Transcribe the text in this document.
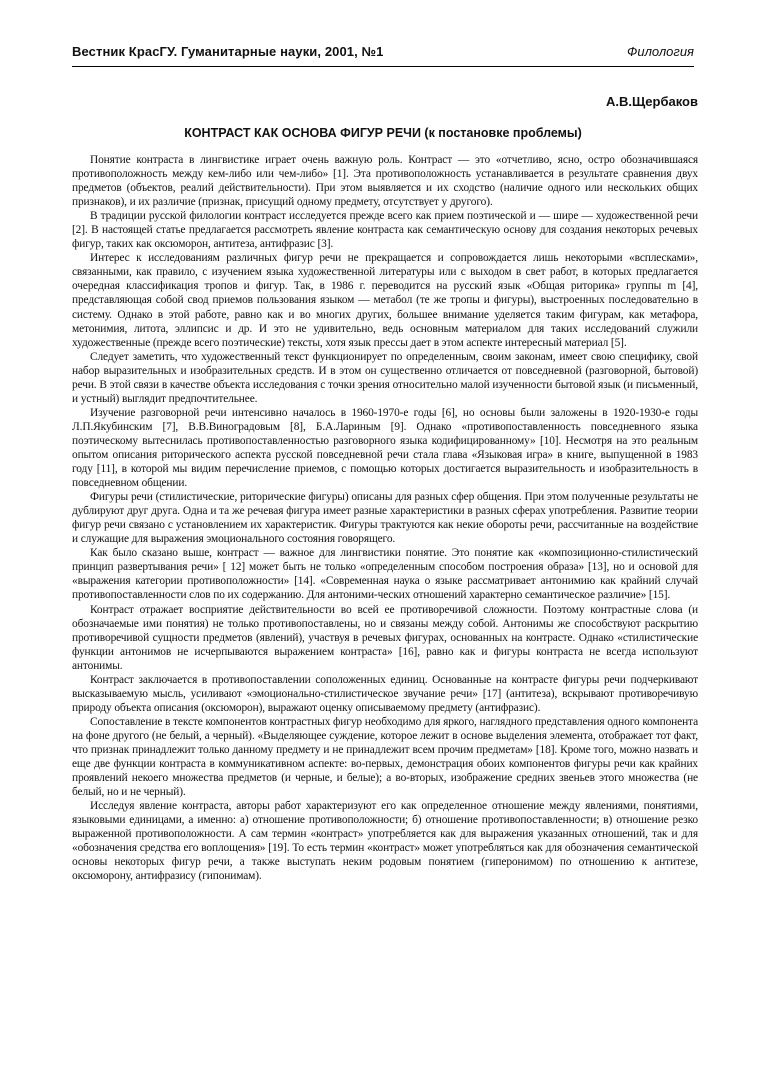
Вестник КрасГУ. Гуманитарные науки, 2001, №1	Филология
А.В.Щербаков
КОНТРАСТ КАК ОСНОВА ФИГУР РЕЧИ (к постановке проблемы)

Понятие контраста в лингвистике играет очень важную роль. Контраст — это «отчетливо, ясно, остро обозначившаяся противоположность между кем-либо или чем-либо» [1]. Эта противоположность устанавливается в результате сравнения двух предметов (объектов, реалий действительности). При этом выявляется и их сходство (наличие одного или нескольких общих признаков), и их различие (признак, присущий одному предмету, отсутствует у другого).

В традиции русской филологии контраст исследуется прежде всего как прием поэтической и — шире — художественной речи [2]. В настоящей статье предлагается рассмотреть явление контраста как семантическую основу для создания некоторых речевых фигур, таких как оксюморон, антитеза, антифразис [3].

Интерес к исследованиям различных фигур речи не прекращается и сопровождается лишь некоторыми «всплесками», связанными, как правило, с изучением языка художественной литературы или с выходом в свет работ, в которых предлагается очередная классификация тропов и фигур. Так, в 1986 г. переводится на русский язык «Общая риторика» группы m [4], представляющая собой свод приемов пользования языком — метабол (те же тропы и фигуры), выстроенных последовательно в систему. Однако в этой работе, равно как и во многих других, большее внимание уделяется таким фигурам, как метафора, метонимия, литота, эллипсис и др. И это не удивительно, ведь основным материалом для таких исследований служили художественные (прежде всего поэтические) тексты, хотя язык прессы дает в этом аспекте интересный материал [5].

Следует заметить, что художественный текст функционирует по определенным, своим законам, имеет свою специфику, свой набор выразительных и изобразительных средств. И в этом он существенно отличается от повседневной (разговорной, бытовой) речи. В этой связи в качестве объекта исследования с точки зрения относительно малой изученности бытовой язык (и письменный, и устный) выглядит предпочтительнее.

Изучение разговорной речи интенсивно началось в 1960-1970-е годы [6], но основы были заложены в 1920-1930-е годы Л.П.Якубинским [7], В.В.Виноградовым [8], Б.А.Лариным [9]. Однако «противопоставленность повседневного языка поэтическому вытеснилась противопоставленностью разговорного языка кодифицированному» [10]. Несмотря на это реальным опытом описания риторического аспекта русской повседневной речи стала глава «Языковая игра» в книге, выпущенной в 1983 году [11], в которой мы видим перечисление приемов, с помощью которых достигается выразительность и изобразительность в повседневном общении.

Фигуры речи (стилистические, риторические фигуры) описаны для разных сфер общения. При этом полученные результаты не дублируют друг друга. Одна и та же речевая фигура имеет разные характеристики в разных сферах употребления. Развитие теории фигур речи связано с установлением их характеристик. Фигуры трактуются как некие обороты речи, рассчитанные на воздействие и служащие для выражения эмоционального состояния говорящего.

Как было сказано выше, контраст — важное для лингвистики понятие. Это понятие как «композиционно-стилистический принцип развертывания речи» [ 12] может быть не только «определенным способом построения образа» [13], но и основой для «выражения категории противоположности» [14]. «Современная наука о языке рассматривает антонимию как крайний случай противопоставленности слов по их содержанию. Для антоними-ческих отношений характерно семантическое различие» [15].

Контраст отражает восприятие действительности во всей ее противоречивой сложности. Поэтому контрастные слова (и обозначаемые ими понятия) не только противопоставлены, но и связаны между собой. Антонимы же способствуют раскрытию противоречивой сущности предметов (явлений), участвуя в речевых фигурах, основанных на контрасте. Однако «стилистические функции антонимов не исчерпываются выражением контраста» [16], равно как и фигуры контраста не всегда используют антонимы.

Контраст заключается в противопоставлении соположенных единиц. Основанные на контрасте фигуры речи подчеркивают высказываемую мысль, усиливают «эмоционально-стилистическое звучание речи» [17] (антитеза), вскрывают противоречивую природу объекта описания (оксюморон), выражают оценку описываемому предмету (антифразис).

Сопоставление в тексте компонентов контрастных фигур необходимо для яркого, наглядного представления одного компонента на фоне другого (не белый, а черный). «Выделяющее суждение, которое лежит в основе выделения элемента, отображает тот факт, что признак принадлежит только данному предмету и не принадлежит всем прочим предметам» [18]. Кроме того, можно назвать и еще две функции контраста в коммуникативном аспекте: во-первых, демонстрация обоих компонентов фигуры речи как крайних проявлений некоего множества предметов (и черные, и белые); а во-вторых, изображение средних звеньев этого множества (не белый, но и не черный).

Исследуя явление контраста, авторы работ характеризуют его как определенное отношение между явлениями, понятиями, языковыми единицами, а именно: а) отношение противоположности; б) отношение противопоставленности; в) отношение резко выраженной противоположности. А сам термин «контраст» употребляется как для выражения указанных отношений, так и для «обозначения средства его воплощения» [19]. То есть термин «контраст» может употребляться как для обозначения семантической основы некоторых фигур речи, а также выступать неким родовым понятием (гиперонимом) по отношению к антитезе, оксюморону, антифразису (гипонимам).
